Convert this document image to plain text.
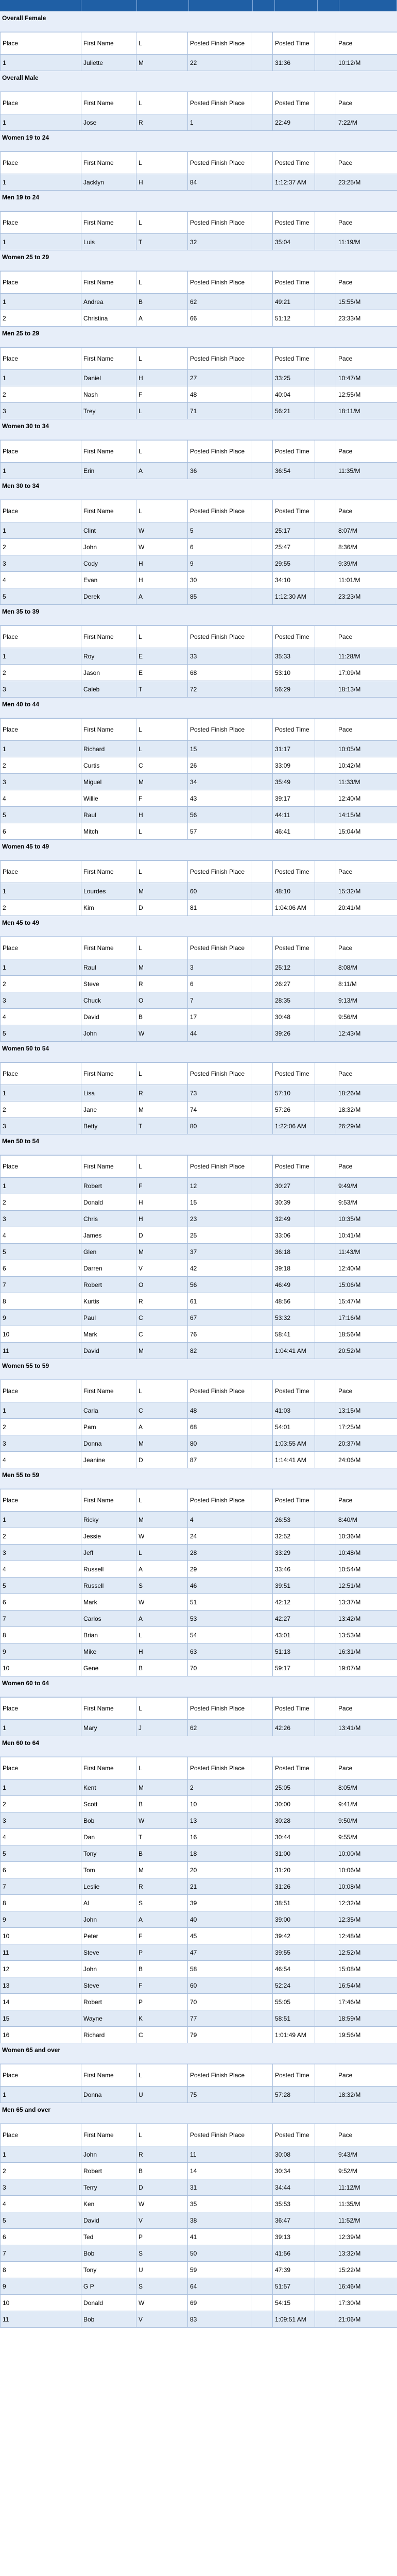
Overall Female
Place	First Name	L	Posted Finish Place		Posted Time		Pace
1	Juliette	M	22		31:36		10:12/M
Overall Male
Place	First Name	L	Posted Finish Place		Posted Time		Pace
1	Jose	R	1		22:49		7:22/M
Women 19 to 24
Place	First Name	L	Posted Finish Place		Posted Time		Pace
1	Jacklyn	H	84		1:12:37 AM		23:25/M
Men 19 to 24
Place	First Name	L	Posted Finish Place		Posted Time		Pace
1	Luis	T	32		35:04		11:19/M
Women 25 to 29
Place	First Name	L	Posted Finish Place		Posted Time		Pace
1	Andrea	B	62		49:21		15:55/M
2	Christina	A	66		51:12		23:33/M
Men 25 to 29
Place	First Name	L	Posted Finish Place		Posted Time		Pace
1	Daniel	H	27		33:25		10:47/M
2	Nash	F	48		40:04		12:55/M
3	Trey	L	71		56:21		18:11/M
Women 30 to 34
Place	First Name	L	Posted Finish Place		Posted Time		Pace
1	Erin	A	36		36:54		11:35/M
Men 30 to 34
Place	First Name	L	Posted Finish Place		Posted Time		Pace
1	Clint	W	5		25:17		8:07/M
2	John	W	6		25:47		8:36/M
3	Cody	H	9		29:55		9:39/M
4	Evan	H	30		34:10		11:01/M
5	Derek	A	85		1:12:30 AM		23:23/M
Men 35 to 39
Place	First Name	L	Posted Finish Place		Posted Time		Pace
1	Roy	E	33		35:33		11:28/M
2	Jason	E	68		53:10		17:09/M
3	Caleb	T	72		56:29		18:13/M
Men 40 to 44
Place	First Name	L	Posted Finish Place		Posted Time		Pace
1	Richard	L	15		31:17		10:05/M
2	Curtis	C	26		33:09		10:42/M
3	Miguel	M	34		35:49		11:33/M
4	Willie	F	43		39:17		12:40/M
5	Raul	H	56		44:11		14:15/M
6	Mitch	L	57		46:41		15:04/M
Women 45 to 49
Place	First Name	L	Posted Finish Place		Posted Time		Pace
1	Lourdes	M	60		48:10		15:32/M
2	Kim	D	81		1:04:06 AM		20:41/M
Men 45 to 49
Place	First Name	L	Posted Finish Place		Posted Time		Pace
1	Raul	M	3		25:12		8:08/M
2	Steve	R	6		26:27		8:11/M
3	Chuck	O	7		28:35		9:13/M
4	David	B	17		30:48		9:56/M
5	John	W	44		39:26		12:43/M
Women 50 to 54
Place	First Name	L	Posted Finish Place		Posted Time		Pace
1	Lisa	R	73		57:10		18:26/M
2	Jane	M	74		57:26		18:32/M
3	Betty	T	80		1:22:06 AM		26:29/M
Men 50 to 54
Place	First Name	L	Posted Finish Place		Posted Time		Pace
1	Robert	F	12		30:27		9:49/M
2	Donald	H	15		30:39		9:53/M
3	Chris	H	23		32:49		10:35/M
4	James	D	25		33:06		10:41/M
5	Glen	M	37		36:18		11:43/M
6	Darren	V	42		39:18		12:40/M
7	Robert	O	56		46:49		15:06/M
8	Kurtis	R	61		48:56		15:47/M
9	Paul	C	67		53:32		17:16/M
10	Mark	C	76		58:41		18:56/M
11	David	M	82		1:04:41 AM		20:52/M
Women 55 to 59
Place	First Name	L	Posted Finish Place		Posted Time		Pace
1	Carla	C	48		41:03		13:15/M
2	Pam	A	68		54:01		17:25/M
3	Donna	M	80		1:03:55 AM		20:37/M
4	Jeanine	D	87		1:14:41 AM		24:06/M
Men 55 to 59
Place	First Name	L	Posted Finish Place		Posted Time		Pace
1	Ricky	M	4		26:53		8:40/M
2	Jessie	W	24		32:52		10:36/M
3	Jeff	L	28		33:29		10:48/M
4	Russell	A	29		33:46		10:54/M
5	Russell	S	46		39:51		12:51/M
6	Mark	W	51		42:12		13:37/M
7	Carlos	A	53		42:27		13:42/M
8	Brian	L	54		43:01		13:53/M
9	Mike	H	63		51:13		16:31/M
10	Gene	B	70		59:17		19:07/M
Women 60 to 64
Place	First Name	L	Posted Finish Place		Posted Time		Pace
1	Mary	J	62		42:26		13:41/M
Men 60 to 64
Place	First Name	L	Posted Finish Place		Posted Time		Pace
1	Kent	M	2		25:05		8:05/M
2	Scott	B	10		30:00		9:41/M
3	Bob	W	13		30:28		9:50/M
4	Dan	T	16		30:44		9:55/M
5	Tony	B	18		31:00		10:00/M
6	Tom	M	20		31:20		10:06/M
7	Leslie	R	21		31:26		10:08/M
8	Al	S	39		38:51		12:32/M
9	John	A	40		39:00		12:35/M
10	Peter	F	45		39:42		12:48/M
11	Steve	P	47		39:55		12:52/M
12	John	B	58		46:54		15:08/M
13	Steve	F	60		52:24		16:54/M
14	Robert	P	70		55:05		17:46/M
15	Wayne	K	77		58:51		18:59/M
16	Richard	C	79		1:01:49 AM		19:56/M
Women 65 and over
Place	First Name	L	Posted Finish Place		Posted Time		Pace
1	Donna	U	75		57:28		18:32/M
Men 65 and over
Place	First Name	L	Posted Finish Place		Posted Time		Pace
1	John	R	11		30:08		9:43/M
2	Robert	B	14		30:34		9:52/M
3	Terry	D	31		34:44		11:12/M
4	Ken	W	35		35:53		11:35/M
5	David	V	38		36:47		11:52/M
6	Ted	P	41		39:13		12:39/M
7	Bob	S	50		41:56		13:32/M
8	Tony	U	59		47:39		15:22/M
9	G P	S	64		51:57		16:46/M
10	Donald	W	69		54:15		17:30/M
11	Bob	V	83		1:09:51 AM		21:06/M
